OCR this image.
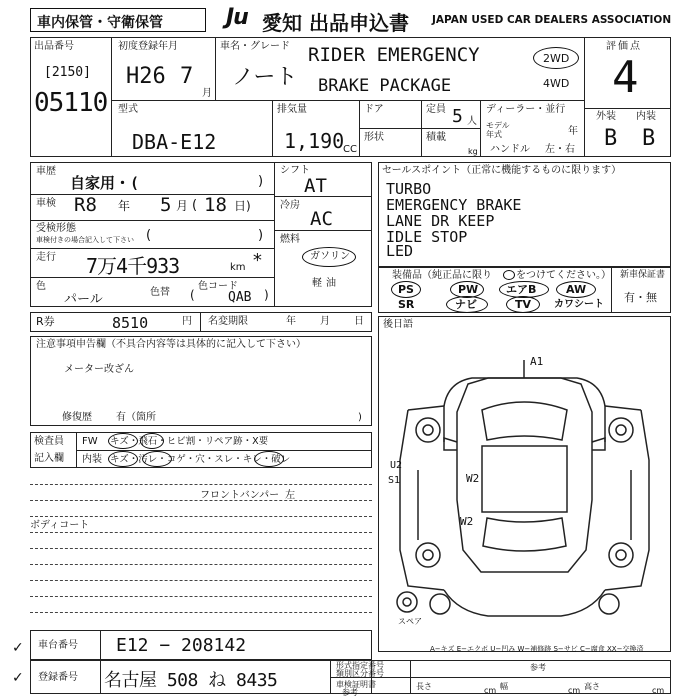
車内保管・守衛保管	Ju 愛知 出品申込書 JAPAN USED CAR DEALERS ASSOCIATION
出品番号
[2150]
05110
初度登録年月
H26 7
月
車名・グレード
ノート
RIDER EMERGENCY
BRAKE PACKAGE
2WD
4WD
評価点
4
外装 内装
B B
型式
DBA-E12
排気量
1,190
CC
ドア
形状
定員 5 人
積載
kg
ディーラー・並行
モデル
年式	年
ハンドル 左・右
車歴
自家用・(	)
車検 R8 年 5 月 ( 18 日)
受検形態
車検付きの場合記入して下さい (	)
走行 7万4千933	km *
色
パール	色替
色コード
(	QAB )
シフト
AT
冷房
AC
燃料
ガソリン
軽油
セールスポイント（正常に機能するものに限ります）
TURBO
EMERGENCY BRAKE
LANE DR KEEP
IDLE STOP
LED
装備品（純正品に限り をつけてください。）
PS	PW	エアB	AW
SR	ナビ	TV カワシート
新車保証書
有・無
R券	8510	円 名変期限	年 月 日
注意事項申告欄（不具合内容等は具体的に記入して下さい）
メーター改ざん
修復歴 有（箇所	)
検査員
記入欄
FW キズ・飛石・ヒビ割・リペア跡・X要
内装 キズ・汚レ・コゲ・穴・スレ・キレ・破レ
フロントバンパー 左
ボディコート
後日語
A1
U2
S1	W2
W2
スペア
A−キズ E−エクボ U−凹み W−補修跡 S−サビ C−腐食 XX−交換済
車台番号 E12 − 208142
登録番号 名古屋 508 ね 8435
✓
✓
形式指定番号
類別区分番号
参考
車検証明書
参考
長さ	cm 幅	cm 高さ	cm
